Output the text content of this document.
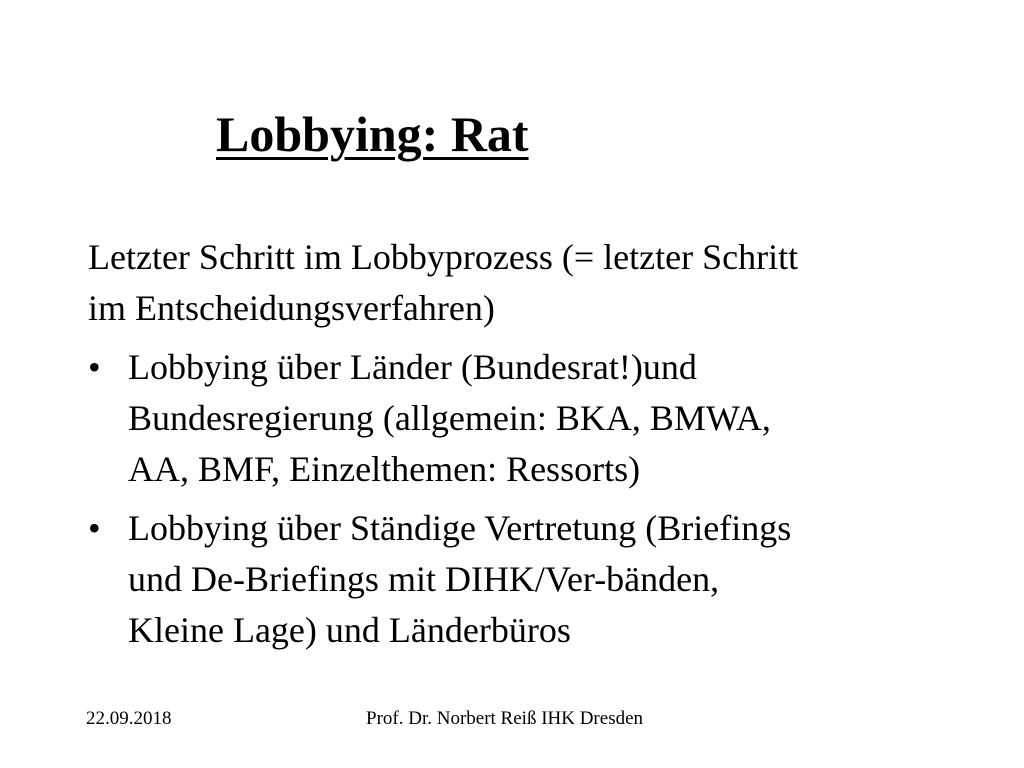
Lobbying: Rat
Letzter Schritt im Lobbyprozess (= letzter Schritt
im Entscheidungsverfahren)
• Lobbying über Länder (Bundesrat!)und
Bundesregierung (allgemein: BKA, BMWA,
AA, BMF, Einzelthemen: Ressorts)
• Lobbying über Ständige Vertretung (Briefings
und De-Briefings mit DIHK/Ver-bänden,
Kleine Lage) und Länderbüros
22.09.2018	Prof. Dr. Norbert Reiß IHK Dresden
